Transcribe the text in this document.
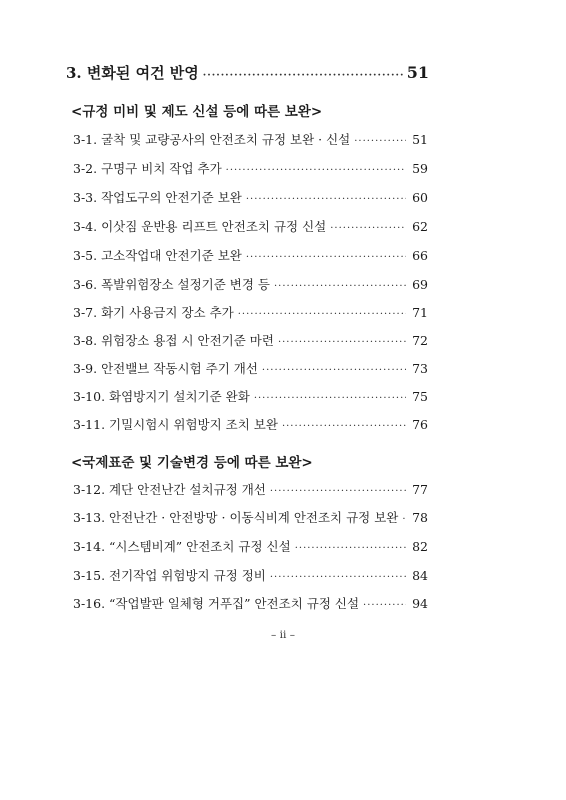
3. 변화된 여건 반영 ·····	51
<규정 미비 및 제도 신설 등에 따른 보완>
3-1. 굴착 및 교량공사의 안전조치 규정 보완 · 신설 ·····	51
3-2. 구명구 비치 작업 추가 ·····	59
3-3. 작업도구의 안전기준 보완 ·····	60
3-4. 이삿짐 운반용 리프트 안전조치 규정 신설 ·····	62
3-5. 고소작업대 안전기준 보완 ·····	66
3-6. 폭발위험장소 설정기준 변경 등 ·····	69
3-7. 화기 사용금지 장소 추가 ·····	71
3-8. 위험장소 용접 시 안전기준 마련 ·····	72
3-9. 안전밸브 작동시험 주기 개선 ·····	73
3-10. 화염방지기 설치기준 완화 ·····	75
3-11. 기밀시험시 위험방지 조치 보완 ·····	76
<국제표준 및 기술변경 등에 따른 보완>
3-12. 계단 안전난간 설치규정 개선 ·····	77
3-13. 안전난간 · 안전방망 · 이동식비계 안전조치 규정 보완 ····· 78
3-14. “시스템비계” 안전조치 규정 신설 ·····	82
3-15. 전기작업 위험방지 규정 정비 ·····	84
3-16. “작업발판 일체형 거푸집” 안전조치 규정 신설 ·····	94
– ii –
